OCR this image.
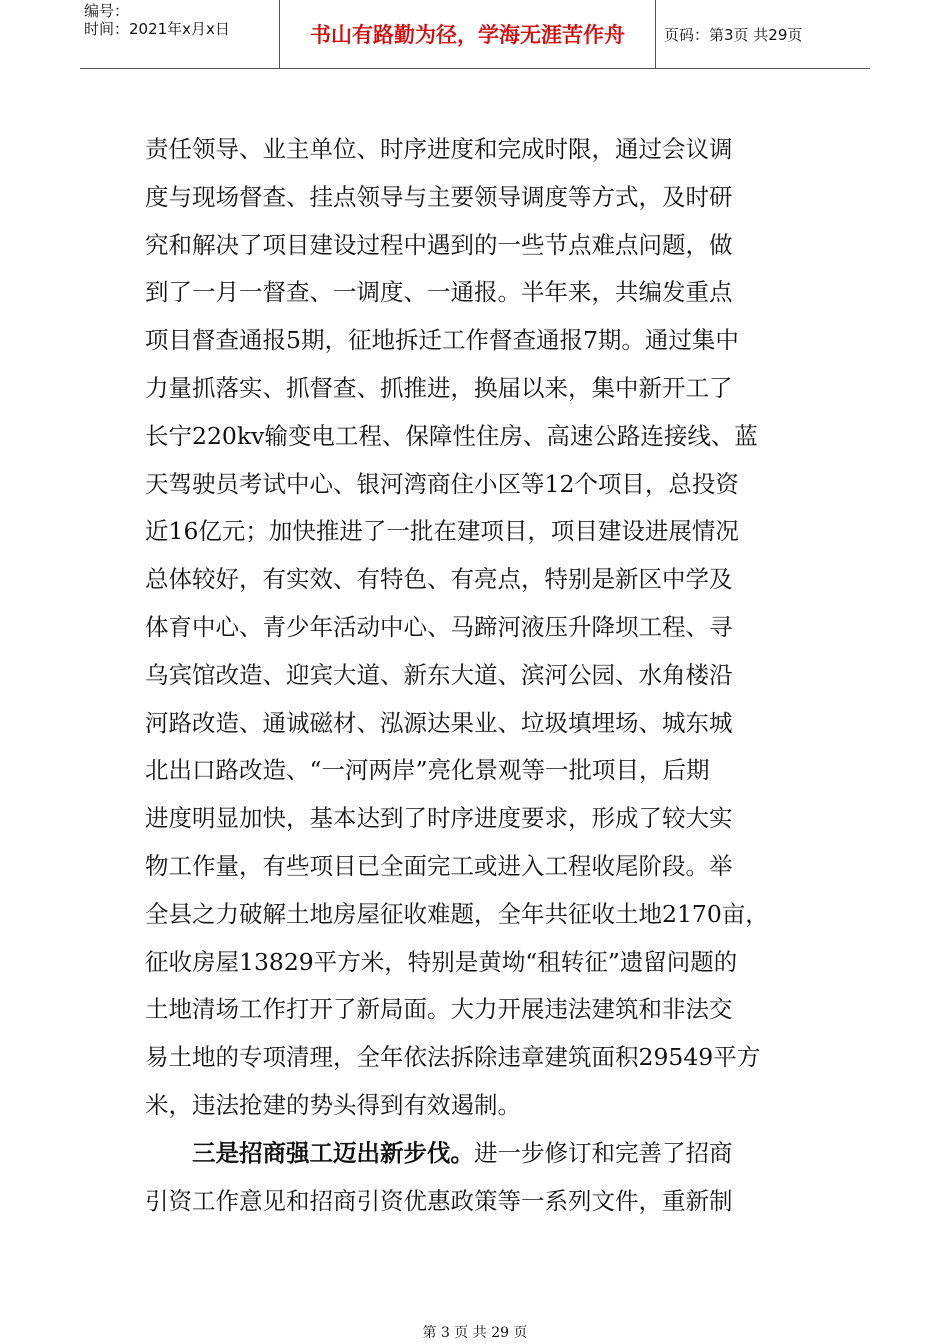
编号：
时间：2021年x月x日	书山有路勤为径，学海无涯苦作舟	页码：第3页 共29页
责任领导、业主单位、时序进度和完成时限，通过会议调
度与现场督查、挂点领导与主要领导调度等方式，及时研
究和解决了项目建设过程中遇到的一些节点难点问题，做
到了一月一督查、一调度、一通报。半年来，共编发重点
项目督查通报5期，征地拆迁工作督查通报7期。通过集中
力量抓落实、抓督查、抓推进，换届以来，集中新开工了
长宁220kv输变电工程、保障性住房、高速公路连接线、蓝
天驾驶员考试中心、银河湾商住小区等12个项目，总投资
近16亿元；加快推进了一批在建项目，项目建设进展情况
总体较好，有实效、有特色、有亮点，特别是新区中学及
体育中心、青少年活动中心、马蹄河液压升降坝工程、寻
乌宾馆改造、迎宾大道、新东大道、滨河公园、水角楼沿
河路改造、通诚磁材、泓源达果业、垃圾填埋场、城东城
北出口路改造、“一河两岸”亮化景观等一批项目，后期
进度明显加快，基本达到了时序进度要求，形成了较大实
物工作量，有些项目已全面完工或进入工程收尾阶段。举
全县之力破解土地房屋征收难题，全年共征收土地2170亩，
征收房屋13829平方米，特别是黄坳“租转征”遗留问题的
土地清场工作打开了新局面。大力开展违法建筑和非法交
易土地的专项清理，全年依法拆除违章建筑面积29549平方
米，违法抢建的势头得到有效遏制。
三是招商强工迈出新步伐。进一步修订和完善了招商
引资工作意见和招商引资优惠政策等一系列文件，重新制
第 3 页 共 29 页
